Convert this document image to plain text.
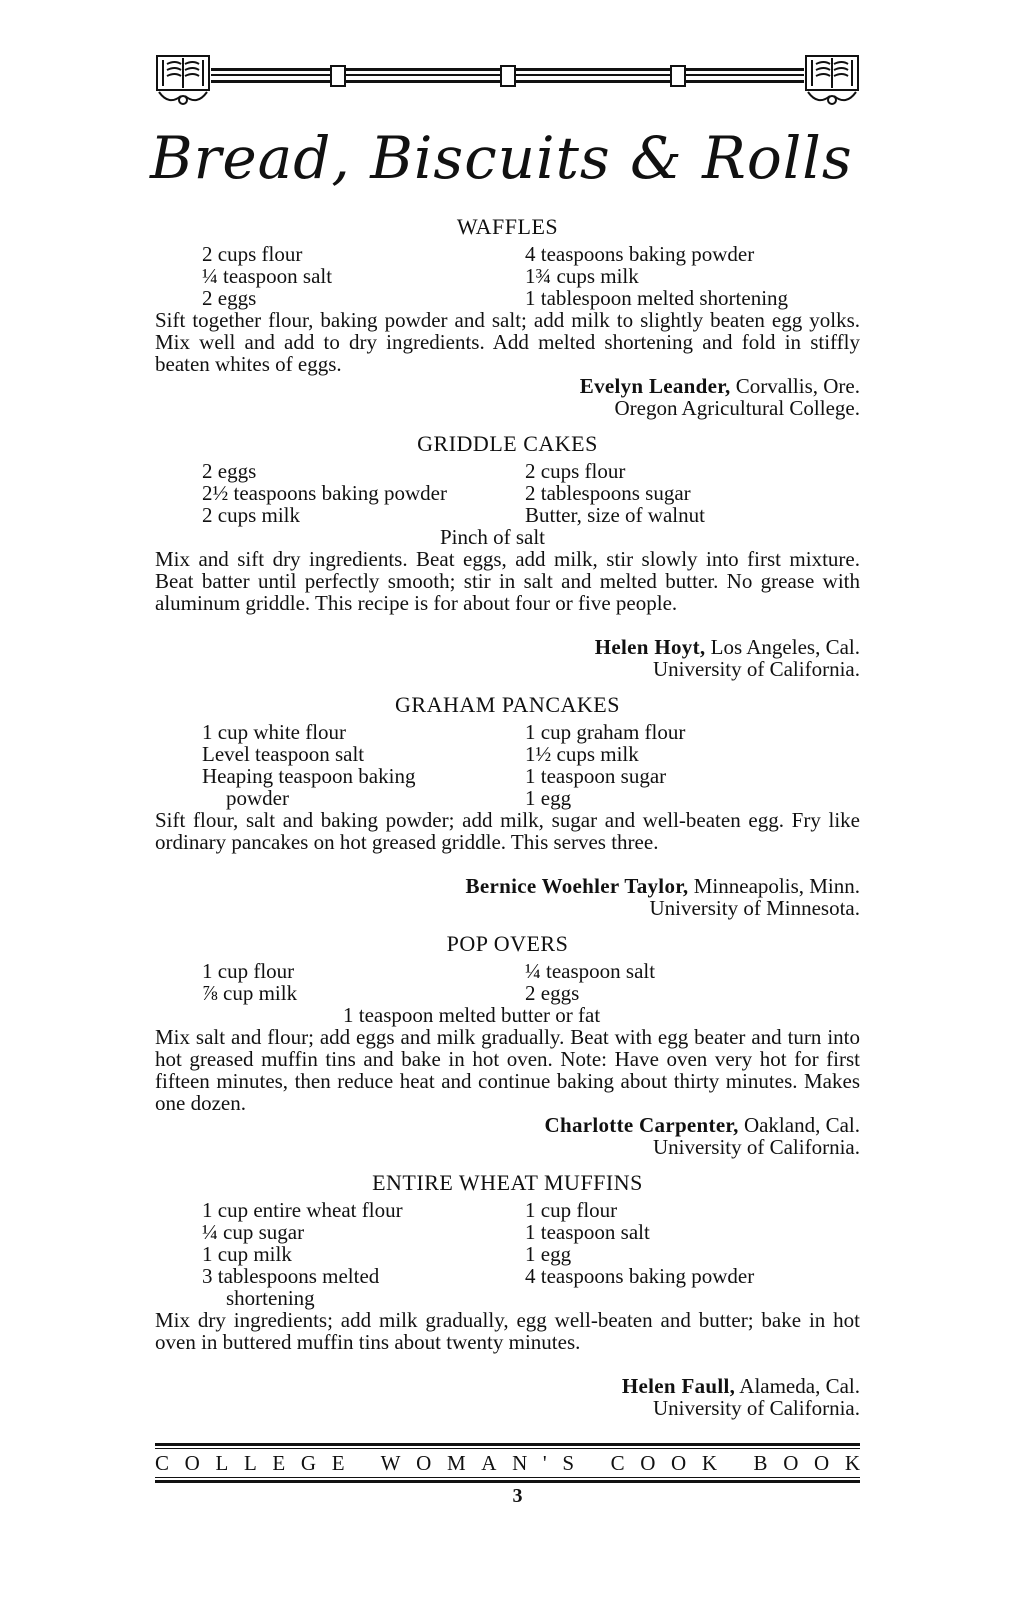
Bread, Biscuits & Rolls
WAFFLES
2 cups flour
¼ teaspoon salt
2 eggs
4 teaspoons baking powder
1¾ cups milk
1 tablespoon melted shortening
Sift together flour, baking powder and salt; add milk to slightly beaten egg yolks. Mix well and add to dry ingredients. Add melted shortening and fold in stiffly beaten whites of eggs.
Evelyn Leander, Corvallis, Ore.
Oregon Agricultural College.
GRIDDLE CAKES
2 eggs
2½ teaspoons baking powder
2 cups milk
2 cups flour
2 tablespoons sugar
Butter, size of walnut
Pinch of salt
Mix and sift dry ingredients. Beat eggs, add milk, stir slowly into first mixture. Beat batter until perfectly smooth; stir in salt and melted butter. No grease with aluminum griddle. This recipe is for about four or five people.
Helen Hoyt, Los Angeles, Cal.
University of California.
GRAHAM PANCAKES
1 cup white flour
Level teaspoon salt
Heaping teaspoon baking
powder
1 cup graham flour
1½ cups milk
1 teaspoon sugar
1 egg
Sift flour, salt and baking powder; add milk, sugar and well-beaten egg. Fry like ordinary pancakes on hot greased griddle. This serves three.
Bernice Woehler Taylor, Minneapolis, Minn.
University of Minnesota.
POP OVERS
1 cup flour
⅞ cup milk
¼ teaspoon salt
2 eggs
1 teaspoon melted butter or fat
Mix salt and flour; add eggs and milk gradually. Beat with egg beater and turn into hot greased muffin tins and bake in hot oven. Note: Have oven very hot for first fifteen minutes, then reduce heat and continue baking about thirty minutes. Makes one dozen.
Charlotte Carpenter, Oakland, Cal.
University of California.
ENTIRE WHEAT MUFFINS
1 cup entire wheat flour
¼ cup sugar
1 cup milk
3 tablespoons melted
shortening
1 cup flour
1 teaspoon salt
1 egg
4 teaspoons baking powder
Mix dry ingredients; add milk gradually, egg well-beaten and butter; bake in hot oven in buttered muffin tins about twenty minutes.
Helen Faull, Alameda, Cal.
University of California.
COLLEGE WOMAN'S COOK BOOK
3
